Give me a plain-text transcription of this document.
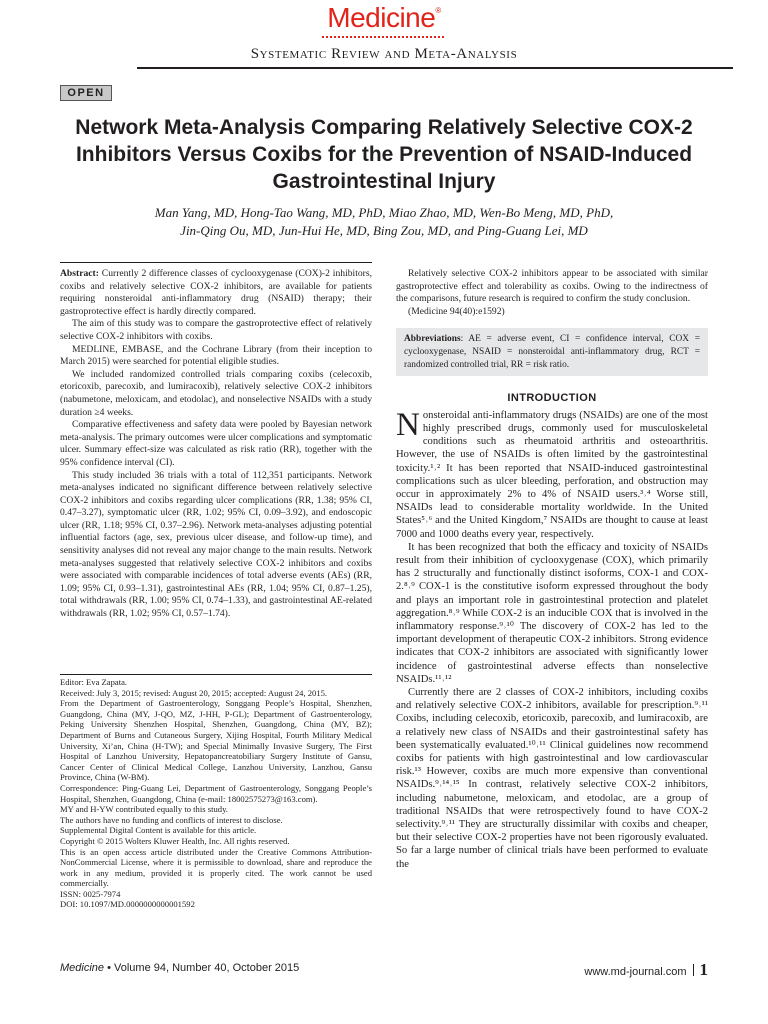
Medicine®
Systematic Review and Meta-Analysis
OPEN
Network Meta-Analysis Comparing Relatively Selective COX-2 Inhibitors Versus Coxibs for the Prevention of NSAID-Induced Gastrointestinal Injury
Man Yang, MD, Hong-Tao Wang, MD, PhD, Miao Zhao, MD, Wen-Bo Meng, MD, PhD,
Jin-Qing Ou, MD, Jun-Hui He, MD, Bing Zou, MD, and Ping-Guang Lei, MD

Abstract: Currently 2 difference classes of cyclooxygenase (COX)-2 inhibitors, coxibs and relatively selective COX-2 inhibitors, are available for patients requiring nonsteroidal anti-inflammatory drug (NSAID) therapy; their gastroprotective effect is hardly directly compared.

The aim of this study was to compare the gastroprotective effect of relatively selective COX-2 inhibitors with coxibs.

MEDLINE, EMBASE, and the Cochrane Library (from their inception to March 2015) were searched for potential eligible studies.

We included randomized controlled trials comparing coxibs (celecoxib, etoricoxib, parecoxib, and lumiracoxib), relatively selective COX-2 inhibitors (nabumetone, meloxicam, and etodolac), and nonselective NSAIDs with a study duration ≥4 weeks.

Comparative effectiveness and safety data were pooled by Bayesian network meta-analysis. The primary outcomes were ulcer complications and symptomatic ulcer. Summary effect-size was calculated as risk ratio (RR), together with the 95% confidence interval (CI).

This study included 36 trials with a total of 112,351 participants. Network meta-analyses indicated no significant difference between relatively selective COX-2 inhibitors and coxibs regarding ulcer complications (RR, 1.38; 95% CI, 0.47–3.27), symptomatic ulcer (RR, 1.02; 95% CI, 0.09–3.92), and endoscopic ulcer (RR, 1.18; 95% CI, 0.37–2.96). Network meta-analyses adjusting potential influential factors (age, sex, previous ulcer disease, and follow-up time), and sensitivity analyses did not reveal any major change to the main results. Network meta-analyses suggested that relatively selective COX-2 inhibitors and coxibs were associated with comparable incidences of total adverse events (AEs) (RR, 1.09; 95% CI, 0.93–1.31), gastrointestinal AEs (RR, 1.04; 95% CI, 0.87–1.25), total withdrawals (RR, 1.00; 95% CI, 0.74–1.33), and gastrointestinal AE-related withdrawals (RR, 1.02; 95% CI, 0.57–1.74).

Editor: Eva Zapata.

Received: July 3, 2015; revised: August 20, 2015; accepted: August 24, 2015.

From the Department of Gastroenterology, Songgang People’s Hospital, Shenzhen, Guangdong, China (MY, J-QO, MZ, J-HH, P-GL); Department of Gastroenterology, Peking University Shenzhen Hospital, Shenzhen, Guangdong, China (MY, BZ); Department of Burns and Cutaneous Surgery, Xijing Hospital, Fourth Military Medical University, Xi’an, China (H-TW); and Special Minimally Invasive Surgery, The First Hospital of Lanzhou University, Hepatopancreatobiliary Surgery Institute of Gansu, Cancer Center of Clinical Medical College, Lanzhou University, Lanzhou, Gansu Province, China (W-BM).

Correspondence: Ping-Guang Lei, Department of Gastroenterology, Songgang People’s Hospital, Shenzhen, Guangdong, China (e-mail: 18002575273@163.com).

MY and H-YW contributed equally to this study.

The authors have no funding and conflicts of interest to disclose.

Supplemental Digital Content is available for this article.

Copyright © 2015 Wolters Kluwer Health, Inc. All rights reserved.

This is an open access article distributed under the Creative Commons Attribution- NonCommercial License, where it is permissible to download, share and reproduce the work in any medium, provided it is properly cited. The work cannot be used commercially.

ISSN: 0025-7974

DOI: 10.1097/MD.0000000000001592

Relatively selective COX-2 inhibitors appear to be associated with similar gastroprotective effect and tolerability as coxibs. Owing to the indirectness of the comparisons, future research is required to confirm the study conclusion.

(Medicine 94(40):e1592)

Abbreviations: AE = adverse event, CI = confidence interval, COX = cyclooxygenase, NSAID = nonsteroidal anti-inflammatory drug, RCT = randomized controlled trial, RR = risk ratio.
INTRODUCTION

Nonsteroidal anti-inflammatory drugs (NSAIDs) are one of the most highly prescribed drugs, commonly used for musculoskeletal conditions such as rheumatoid arthritis and osteoarthritis. However, the use of NSAIDs is often limited by the gastrointestinal toxicity.¹˒² It has been reported that NSAID-induced gastrointestinal complications such as ulcer bleeding, perforation, and obstruction may occur in approximately 2% to 4% of NSAID users.³˒⁴ Worse still, NSAIDs lead to considerable mortality worldwide. In the United States⁵˒⁶ and the United Kingdom,⁷ NSAIDs are thought to cause at least 7000 and 1000 deaths every year, respectively.

It has been recognized that both the efficacy and toxicity of NSAIDs result from their inhibition of cyclooxygenase (COX), which primarily has 2 structurally and functionally distinct isoforms, COX-1 and COX-2.⁸˒⁹ COX-1 is the constitutive isoform expressed throughout the body and plays an important role in gastrointestinal protection and platelet aggregation.⁸˒⁹ While COX-2 is an inducible COX that is involved in the inflammatory response.⁹˒¹⁰ The discovery of COX-2 has led to the important development of therapeutic COX-2 inhibitors. Strong evidence indicates that COX-2 inhibitors are associated with significantly lower incidence of gastrointestinal adverse effects than nonselective NSAIDs.¹¹˒¹²

Currently there are 2 classes of COX-2 inhibitors, including coxibs and relatively selective COX-2 inhibitors, available for prescription.⁹˒¹¹ Coxibs, including celecoxib, etoricoxib, parecoxib, and lumiracoxib, are a relatively new class of NSAIDs and their gastrointestinal safety has been systematically evaluated.¹⁰˒¹¹ Clinical guidelines now recommend coxibs for patients with high gastrointestinal and low cardiovascular risk.¹³ However, coxibs are much more expensive than conventional NSAIDs.⁹˒¹⁴˒¹⁵ In contrast, relatively selective COX-2 inhibitors, including nabumetone, meloxicam, and etodolac, are a group of traditional NSAIDs that were retrospectively found to have COX-2 selectivity.⁹˒¹¹ They are structurally dissimilar with coxibs and cheaper, but their selective COX-2 properties have not been rigorously evaluated. So far a large number of clinical trials have been performed to evaluate the

Medicine • Volume 94, Number 40, October 2015	www.md-journal.com 1
